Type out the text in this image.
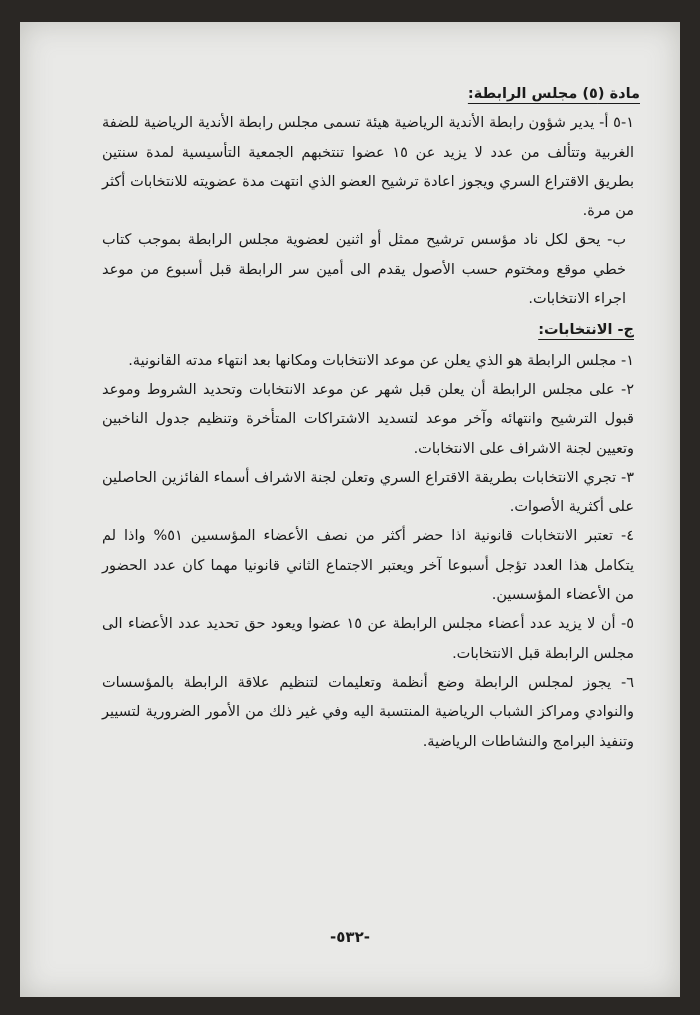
مادة (٥) مجلس الرابطة:

١-٥ أ- يدير شؤون رابطة الأندية الرياضية هيئة تسمى مجلس رابطة الأندية الرياضية للضفة الغربية وتتألف من عدد لا يزيد عن ١٥ عضوا تنتخبهم الجمعية التأسيسية لمدة سنتين بطريق الاقتراع السري ويجوز اعادة ترشيح العضو الذي انتهت مدة عضويته للانتخابات أكثر من مرة.

ب- يحق لكل ناد مؤسس ترشيح ممثل أو اثنين لعضوية مجلس الرابطة بموجب كتاب خطي موقع ومختوم حسب الأصول يقدم الى أمين سر الرابطة قبل أسبوع من موعد اجراء الانتخابات.

ج- الانتخابات:

١- مجلس الرابطة هو الذي يعلن عن موعد الانتخابات ومكانها بعد انتهاء مدته القانونية.

٢- على مجلس الرابطة أن يعلن قبل شهر عن موعد الانتخابات وتحديد الشروط وموعد قبول الترشيح وانتهائه وآخر موعد لتسديد الاشتراكات المتأخرة وتنظيم جدول الناخبين وتعيين لجنة الاشراف على الانتخابات.

٣- تجري الانتخابات بطريقة الاقتراع السري وتعلن لجنة الاشراف أسماء الفائزين الحاصلين على أكثرية الأصوات.

٤- تعتبر الانتخابات قانونية اذا حضر أكثر من نصف الأعضاء المؤسسين ٥١% واذا لم يتكامل هذا العدد تؤجل أسبوعا آخر ويعتبر الاجتماع الثاني قانونيا مهما كان عدد الحضور من الأعضاء المؤسسين.

٥- أن لا يزيد عدد أعضاء مجلس الرابطة عن ١٥ عضوا ويعود حق تحديد عدد الأعضاء الى مجلس الرابطة قبل الانتخابات.

٦- يجوز لمجلس الرابطة وضع أنظمة وتعليمات لتنظيم علاقة الرابطة بالمؤسسات والنوادي ومراكز الشباب الرياضية المنتسبة اليه وفي غير ذلك من الأمور الضرورية لتسيير وتنفيذ البرامج والنشاطات الرياضية.

-٥٣٢-
